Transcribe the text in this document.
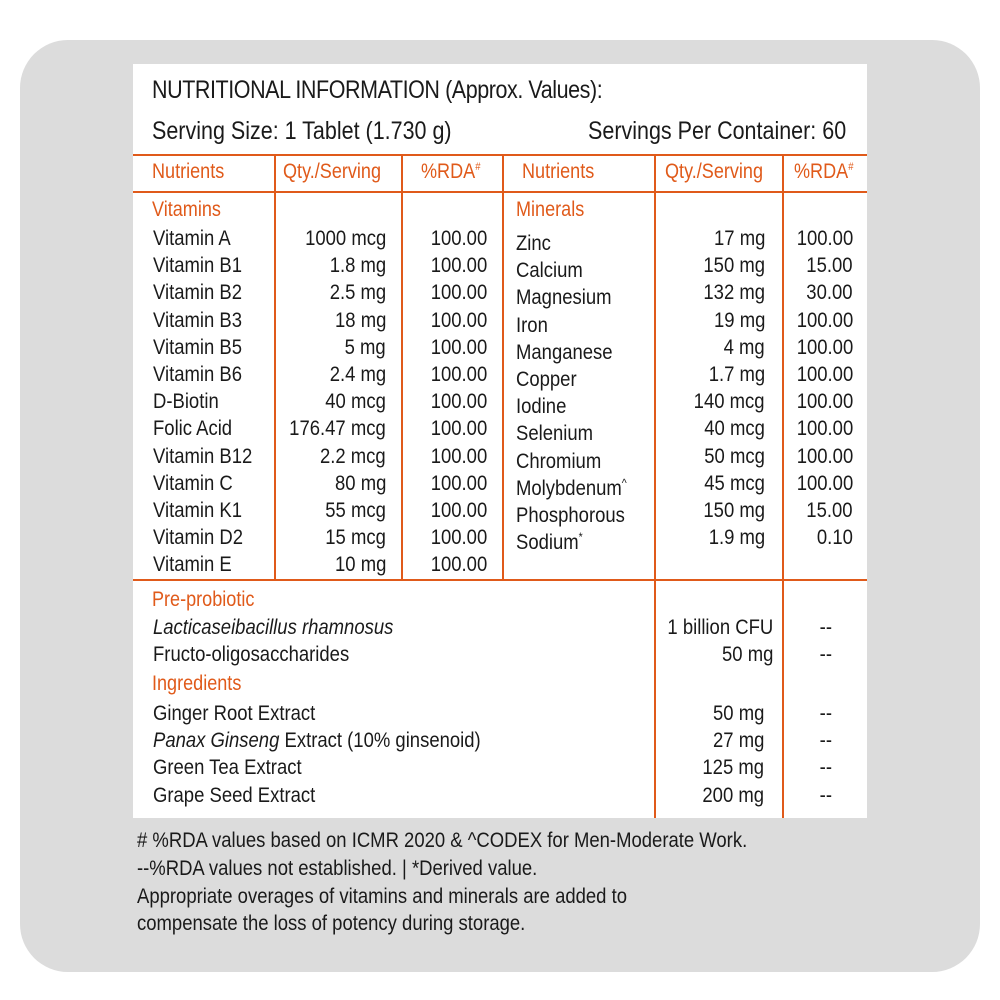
NUTRITIONAL INFORMATION (Approx. Values):
Serving Size: 1 Tablet (1.730 g)	Servings Per Container: 60
Nutrients	Qty./Serving %RDA# Nutrients	Qty./Serving %RDA#
Vitamins	Minerals
Vitamin A	1000 mcg 100.00
Vitamin B1	1.8 mg 100.00
Vitamin B2	2.5 mg 100.00
Vitamin B3	18 mg 100.00
Vitamin B5	5 mg 100.00
Vitamin B6	2.4 mg 100.00
D-Biotin	40 mcg 100.00
Folic Acid	176.47 mcg 100.00
Vitamin B12	2.2 mcg 100.00
Vitamin C	80 mg 100.00
Vitamin K1	55 mcg 100.00
Vitamin D2	15 mcg 100.00
Vitamin E	10 mg 100.00
Zinc	17 mg 100.00
Calcium	150 mg 15.00
Magnesium	132 mg 30.00
Iron	19 mg 100.00
Manganese	4 mg 100.00
Copper	1.7 mg 100.00
Iodine	140 mcg 100.00
Selenium	40 mcg 100.00
Chromium	50 mcg 100.00
Molybdenum^	45 mcg 100.00
Phosphorous	150 mg 15.00
Sodium*	1.9 mg 0.10
Pre-probiotic
Lacticaseibacillus rhamnosus	1 billion CFU --
Fructo-oligosaccharides	50 mg --
Ingredients
Ginger Root Extract	50 mg	--
Panax Ginseng Extract (10% ginsenoid)	27 mg	--
Green Tea Extract	125 mg	--
Grape Seed Extract	200 mg	--
# %RDA values based on ICMR 2020 & ^CODEX for Men-Moderate Work.
--%RDA values not established. | *Derived value.
Appropriate overages of vitamins and minerals are added to
compensate the loss of potency during storage.
